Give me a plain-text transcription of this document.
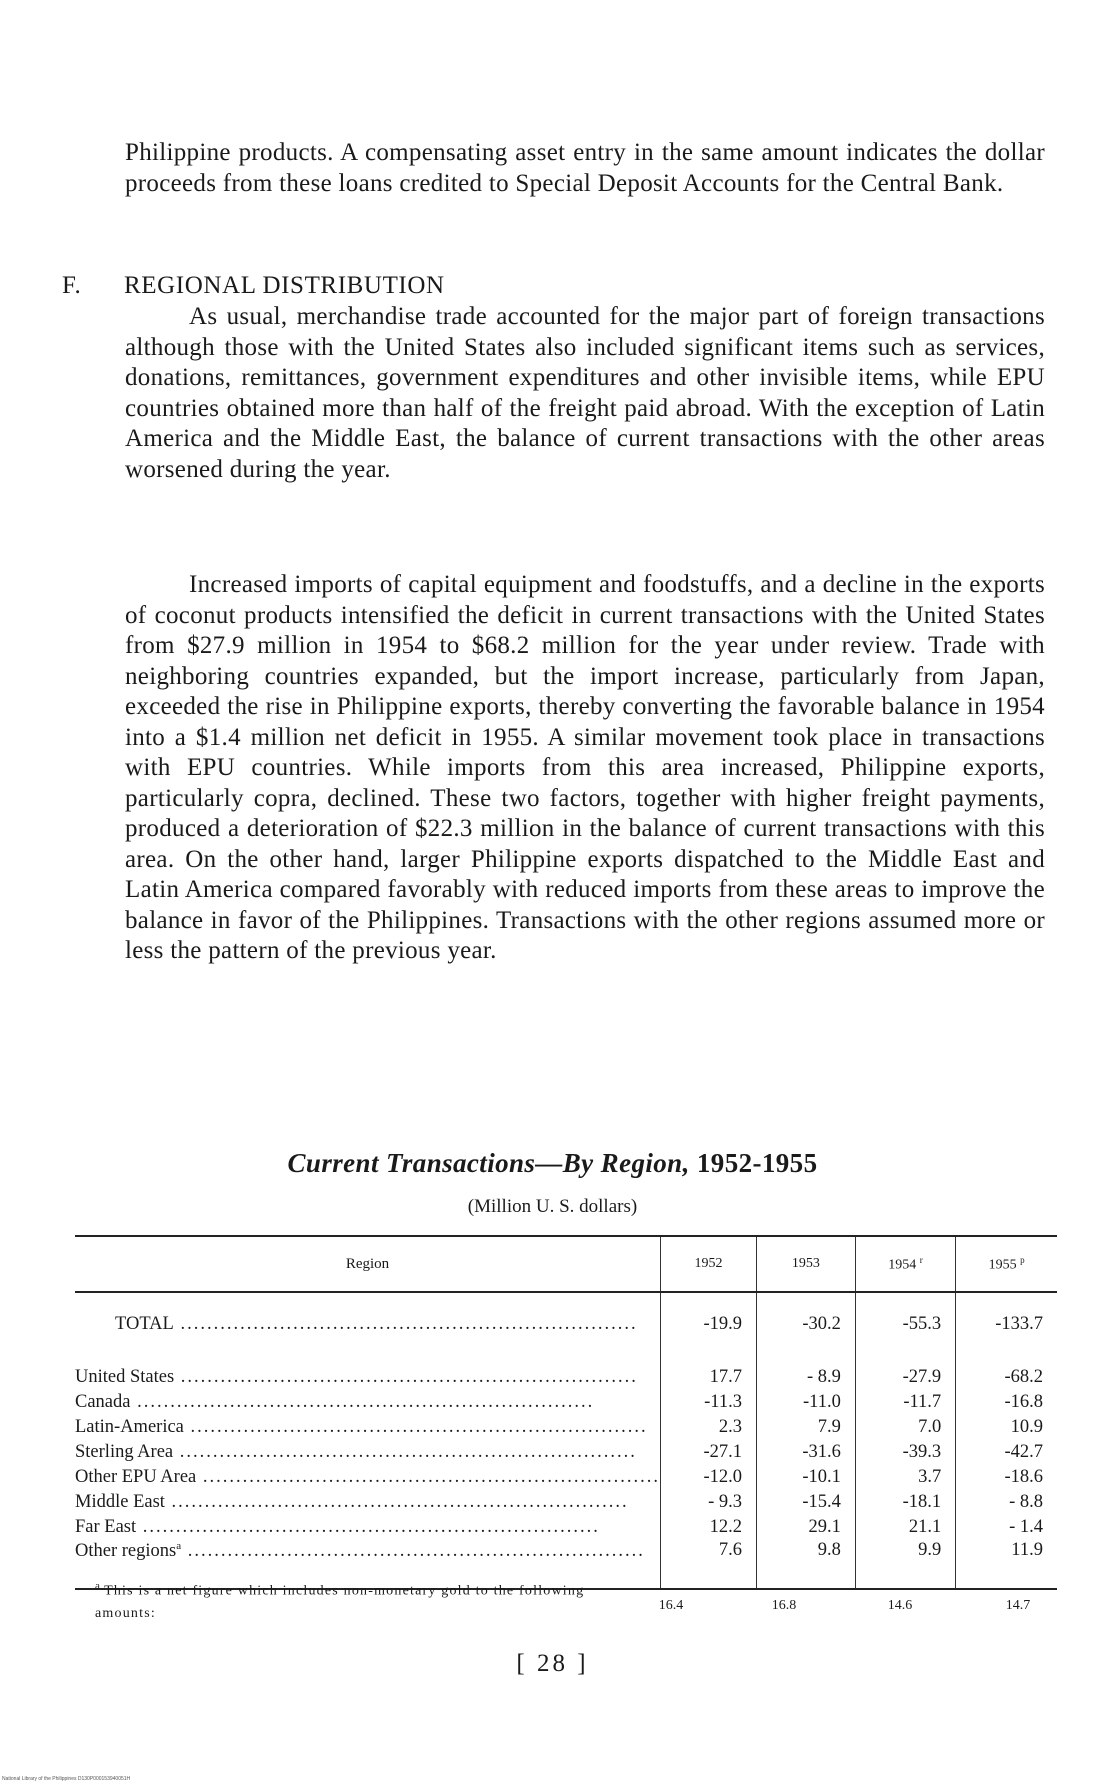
Philippine products. A compensating asset entry in the same amount indicates the dollar proceeds from these loans credited to Special Deposit Accounts for the Central Bank.

F. REGIONAL DISTRIBUTION

As usual, merchandise trade accounted for the major part of foreign transactions although those with the United States also included significant items such as services, donations, remittances, government expenditures and other invisible items, while EPU countries obtained more than half of the freight paid abroad. With the exception of Latin America and the Middle East, the balance of current transactions with the other areas worsened during the year.

Increased imports of capital equipment and foodstuffs, and a decline in the exports of coconut products intensified the deficit in current transactions with the United States from $27.9 million in 1954 to $68.2 million for the year under review. Trade with neighboring countries expanded, but the import increase, particularly from Japan, exceeded the rise in Philippine exports, thereby converting the favorable balance in 1954 into a $1.4 million net deficit in 1955. A similar movement took place in transactions with EPU countries. While imports from this area increased, Philippine exports, particularly copra, declined. These two factors, together with higher freight payments, produced a deterioration of $22.3 million in the balance of current transactions with this area. On the other hand, larger Philippine exports dispatched to the Middle East and Latin America compared favorably with reduced imports from these areas to improve the balance in favor of the Philippines. Transactions with the other regions assumed more or less the pattern of the previous year.

Current Transactions—By Region, 1952-1955
(Million U. S. dollars)
Region	1952	1953	1954 $^r$	1955 $^p$
TOTAL .....	-19.9	-30.2	-55.3	-133.7

United States .....	17.7	- 8.9	-27.9	-68.2
Canada .....	-11.3	-11.0	-11.7	-16.8
Latin-America .....	2.3	7.9	7.0	10.9
Sterling Area .....	-27.1	-31.6	-39.3	-42.7
Other EPU Area .....	-12.0	-10.1	3.7	-18.6
Middle East .....	- 9.3	-15.4	-18.1	- 8.8
Far East .....	12.2	29.1	21.1	- 1.4
Other regions$^a$ .....	7.6	9.8	9.9	11.9
$^a$ This is a net figure which includes non-monetary gold to the following amounts:
16.4	16.8	14.6	14.7
[ 28 ]
National Library of the Philippines D130P000153940051H
